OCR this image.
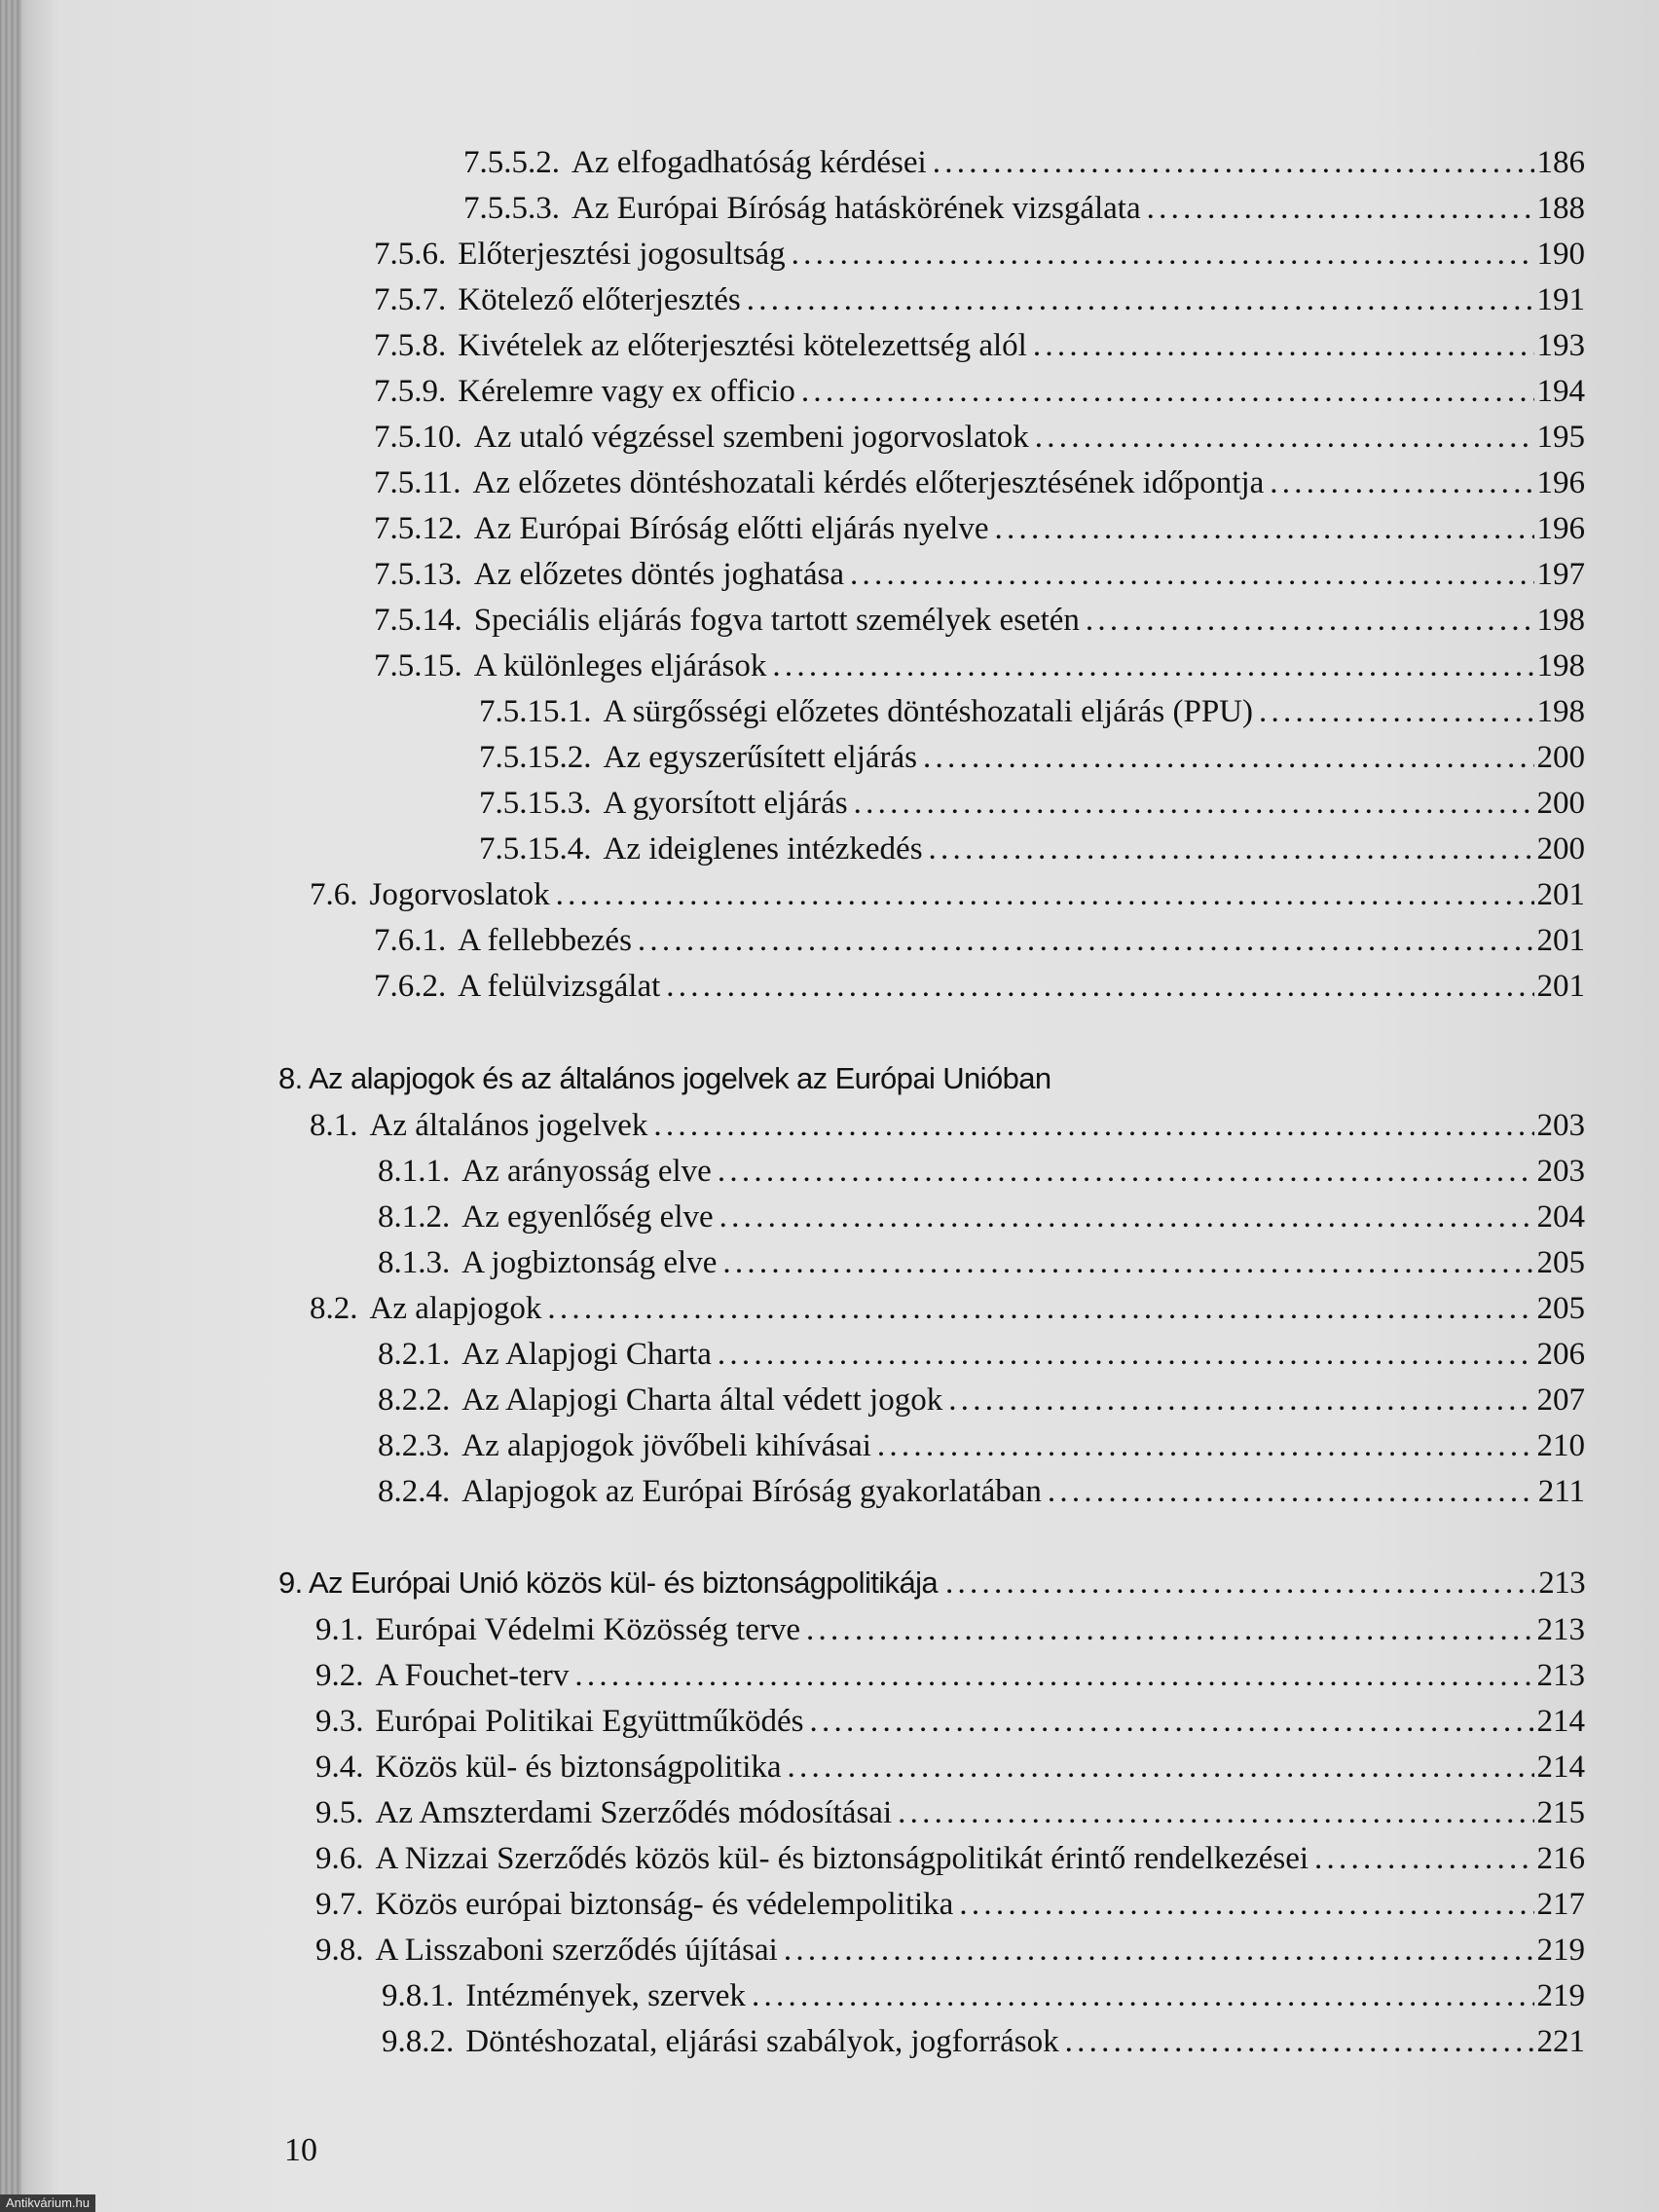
7.5.5.2. Az elfogadhatóság kérdései . . .	186
7.5.5.3. Az Európai Bíróság hatáskörének vizsgálata . . .	188
7.5.6. Előterjesztési jogosultság . . .	190
7.5.7. Kötelező előterjesztés . . .	191
7.5.8. Kivételek az előterjesztési kötelezettség alól . . .	193
7.5.9. Kérelemre vagy ex officio . . .	194
7.5.10. Az utaló végzéssel szembeni jogorvoslatok . . .	195
7.5.11. Az előzetes döntéshozatali kérdés előterjesztésének időpontja . . .	196
7.5.12. Az Európai Bíróság előtti eljárás nyelve . . .	196
7.5.13. Az előzetes döntés joghatása . . .	197
7.5.14. Speciális eljárás fogva tartott személyek esetén . . .	198
7.5.15. A különleges eljárások . . .	198
7.5.15.1. A sürgősségi előzetes döntéshozatali eljárás (PPU) . . .	198
7.5.15.2. Az egyszerűsített eljárás . . .	200
7.5.15.3. A gyorsított eljárás . . .	200
7.5.15.4. Az ideiglenes intézkedés . . .	200
7.6. Jogorvoslatok . . .	201
7.6.1. A fellebbezés . . .	201
7.6.2. A felülvizsgálat . . .	201
8. Az alapjogok és az általános jogelvek az Európai Unióban
8.1. Az általános jogelvek . . .	203
8.1.1. Az arányosság elve . . .	203
8.1.2. Az egyenlőség elve . . .	204
8.1.3. A jogbiztonság elve . . .	205
8.2. Az alapjogok . . .	205
8.2.1. Az Alapjogi Charta . . .	206
8.2.2. Az Alapjogi Charta által védett jogok . . .	207
8.2.3. Az alapjogok jövőbeli kihívásai . . .	210
8.2.4. Alapjogok az Európai Bíróság gyakorlatában . . .	211
9. Az Európai Unió közös kül- és biztonságpolitikája . . .	213
9.1. Európai Védelmi Közösség terve . . .	213
9.2. A Fouchet-terv . . .	213
9.3. Európai Politikai Együttműködés . . .	214
9.4. Közös kül- és biztonságpolitika . . .	214
9.5. Az Amszterdami Szerződés módosításai . . .	215
9.6. A Nizzai Szerződés közös kül- és biztonságpolitikát érintő rendelkezései . . .	216
9.7. Közös európai biztonság- és védelempolitika . . .	217
9.8. A Lisszaboni szerződés újításai . . .	219
9.8.1. Intézmények, szervek . . .	219
9.8.2. Döntéshozatal, eljárási szabályok, jogforrások . . .	221
10
Antikvárium.hu
